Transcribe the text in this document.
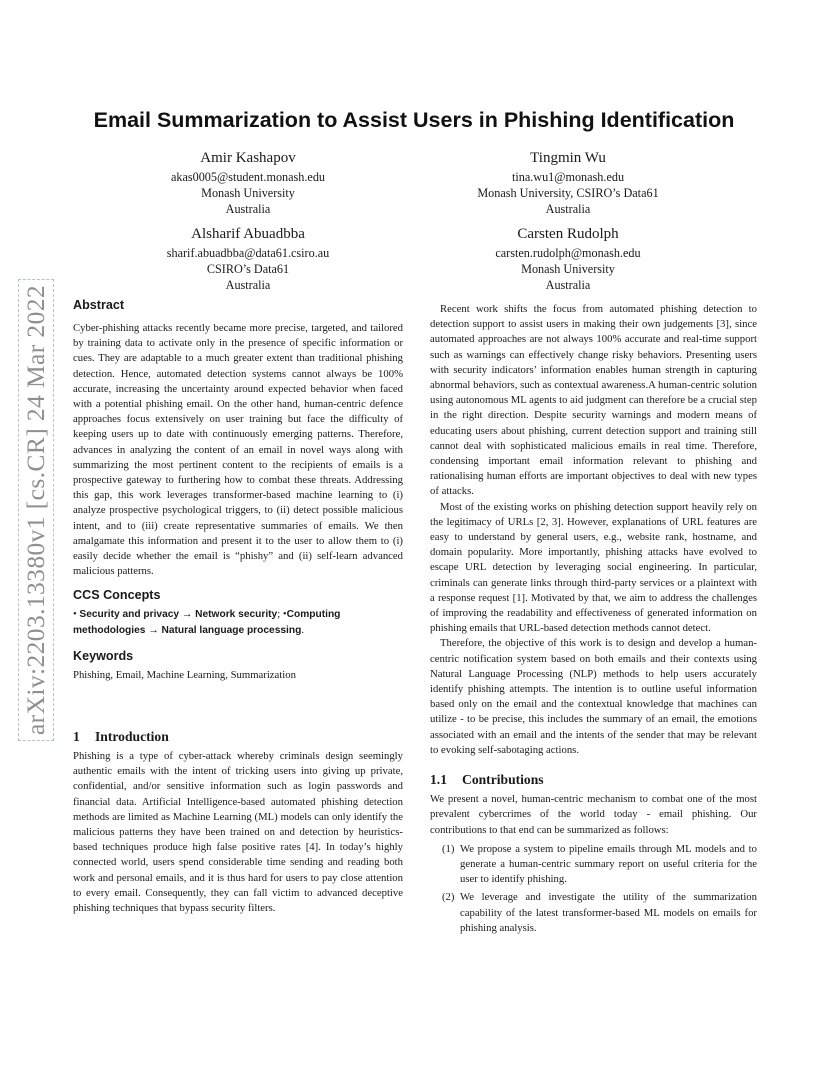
arXiv:2203.13380v1 [cs.CR] 24 Mar 2022
Email Summarization to Assist Users in Phishing Identification
Amir Kashapov
akas0005@student.monash.edu
Monash University
Australia
Tingmin Wu
tina.wu1@monash.edu
Monash University, CSIRO’s Data61
Australia
Alsharif Abuadbba
sharif.abuadbba@data61.csiro.au
CSIRO’s Data61
Australia
Carsten Rudolph
carsten.rudolph@monash.edu
Monash University
Australia
Abstract

Cyber-phishing attacks recently became more precise, targeted, and tailored by training data to activate only in the presence of specific information or cues. They are adaptable to a much greater extent than traditional phishing detection. Hence, automated detection systems cannot always be 100% accurate, increasing the uncertainty around expected behavior when faced with a potential phishing email. On the other hand, human-centric defence approaches focus extensively on user training but face the difficulty of keeping users up to date with continuously emerging patterns. Therefore, advances in analyzing the content of an email in novel ways along with summarizing the most pertinent content to the recipients of emails is a prospective gateway to furthering how to combat these threats. Addressing this gap, this work leverages transformer-based machine learning to (i) analyze prospective psychological triggers, to (ii) detect possible malicious intent, and to (iii) create representative summaries of emails. We then amalgamate this information and present it to the user to allow them to (i) easily decide whether the email is “phishy” and (ii) self-learn advanced malicious patterns.

CCS Concepts

• Security and privacy → Network security; •Computing methodologies → Natural language processing.

Keywords

Phishing, Email, Machine Learning, Summarization

1 Introduction

Phishing is a type of cyber-attack whereby criminals design seemingly authentic emails with the intent of tricking users into giving up private, confidential, and/or sensitive information such as login passwords and financial data. Artificial Intelligence-based automated phishing detection methods are limited as Machine Learning (ML) models can only identify the malicious patterns they have been trained on and detection by heuristics-based techniques produce high false positive rates [4]. In today’s highly connected world, users spend considerable time sending and reading both work and personal emails, and it is thus hard for users to pay close attention to every email. Consequently, they can fall victim to advanced deceptive phishing techniques that bypass security filters.

Recent work shifts the focus from automated phishing detection to detection support to assist users in making their own judgements [3], since automated approaches are not always 100% accurate and real-time support such as warnings can effectively change risky behaviors. Presenting users with security indicators’ information enables human strength in capturing abnormal behaviors, such as contextual awareness.A human-centric solution using autonomous ML agents to aid judgment can therefore be a crucial step in the right direction. Despite security warnings and modern means of educating users about phishing, current detection support and training still cannot deal with sophisticated malicious emails in real time. Therefore, condensing important email information relevant to phishing and rationalising human efforts are important objectives to deal with new types of attacks.

Most of the existing works on phishing detection support heavily rely on the legitimacy of URLs [2, 3]. However, explanations of URL features are easy to understand by general users, e.g., website rank, hostname, and domain popularity. More importantly, phishing attacks have evolved to escape URL detection by leveraging social engineering. In particular, criminals can generate links through third-party services or a plaintext with a response request [1]. Motivated by that, we aim to address the challenges of improving the readability and effectiveness of generated information on phishing emails that URL-based detection methods cannot detect.

Therefore, the objective of this work is to design and develop a human-centric notification system based on both emails and their contexts using Natural Language Processing (NLP) methods to help users accurately identify phishing attempts. The intention is to outline useful information based only on the email and the contextual knowledge that machines can utilize - to be precise, this includes the summary of an email, the emotions associated with an email and the intents of the sender that may be relevant to evoking self-sabotaging actions.

1.1 Contributions

We present a novel, human-centric mechanism to combat one of the most prevalent cybercrimes of the world today - email phishing. Our contributions to that end can be summarized as follows:

(1) We propose a system to pipeline emails through ML models and to generate a human-centric summary report on useful criteria for the user to identify phishing.
(2) We leverage and investigate the utility of the summarization capability of the latest transformer-based ML models on emails for phishing analysis.
